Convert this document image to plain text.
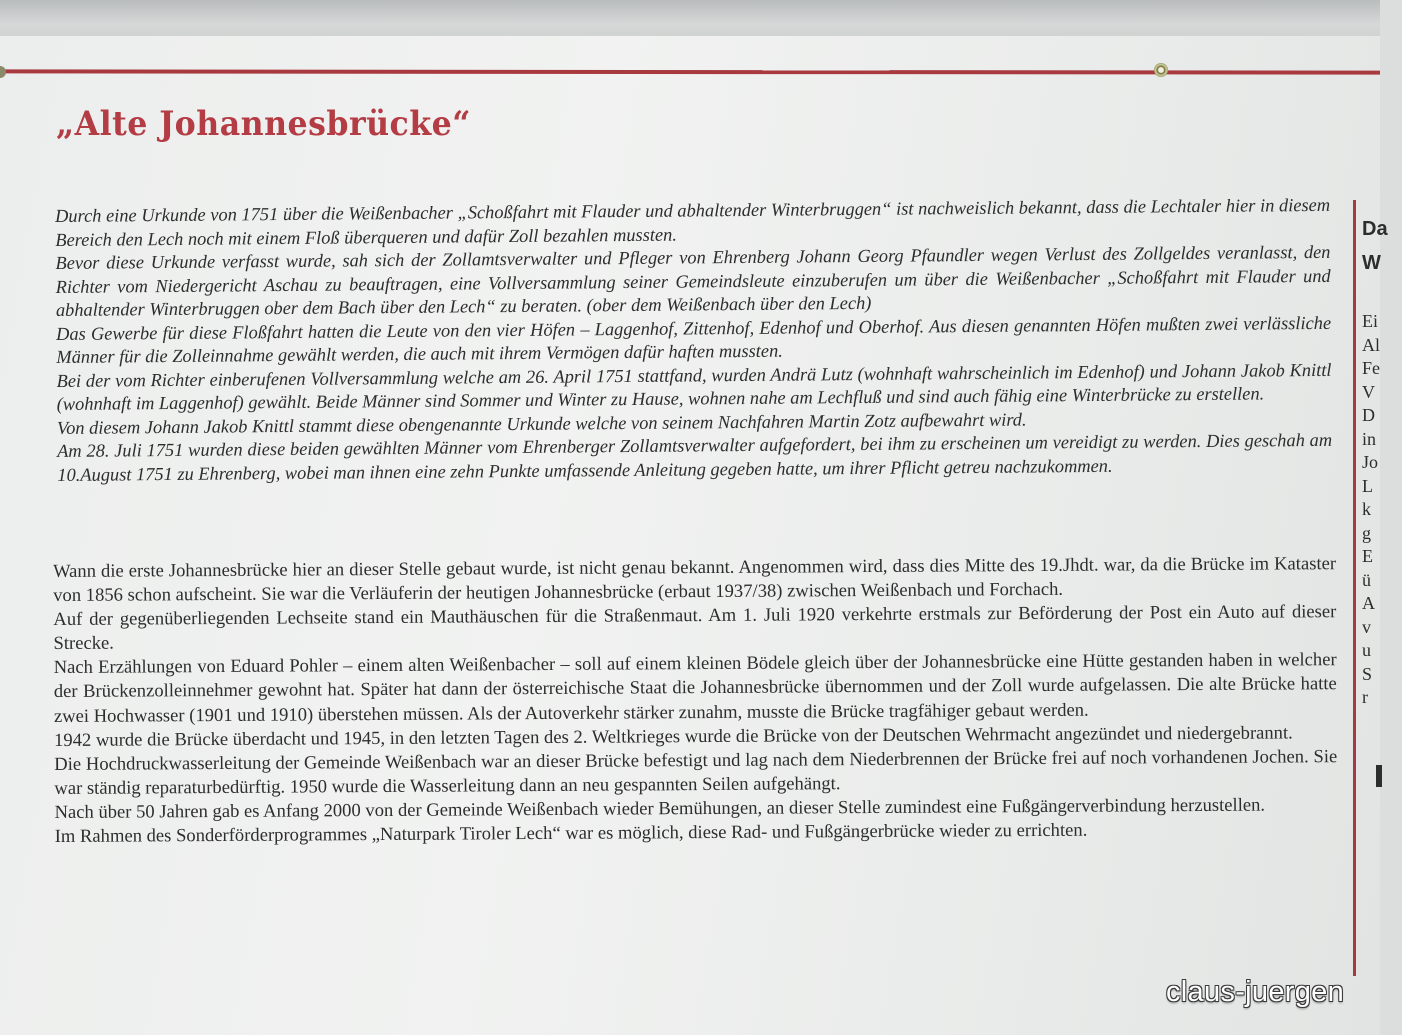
„Alte Johannesbrücke“

Durch eine Urkunde von 1751 über die Weißenbacher „Schoßfahrt mit Flauder und abhaltender Winterbruggen“ ist nachweislich bekannt, dass die Lechtaler hier in diesem Bereich den Lech noch mit einem Floß überqueren und dafür Zoll bezahlen mussten.

Bevor diese Urkunde verfasst wurde, sah sich der Zollamtsverwalter und Pfleger von Ehrenberg Johann Georg Pfaundler wegen Verlust des Zollgeldes veranlasst, den Richter vom Niedergericht Aschau zu beauftragen, eine Vollversammlung seiner Gemeindsleute einzuberufen um über die Weißenbacher „Schoßfahrt mit Flauder und abhaltender Winterbruggen ober dem Bach über den Lech“ zu beraten. (ober dem Weißenbach über den Lech)

Das Gewerbe für diese Floßfahrt hatten die Leute von den vier Höfen – Laggenhof, Zittenhof, Edenhof und Oberhof. Aus diesen genannten Höfen mußten zwei verlässliche Männer für die Zolleinnahme gewählt werden, die auch mit ihrem Vermögen dafür haften mussten.

Bei der vom Richter einberufenen Vollversammlung welche am 26. April 1751 stattfand, wurden Andrä Lutz (wohnhaft wahrscheinlich im Edenhof) und Johann Jakob Knittl (wohnhaft im Laggenhof) gewählt. Beide Männer sind Sommer und Winter zu Hause, wohnen nahe am Lechfluß und sind auch fähig eine Winterbrücke zu erstellen.

Von diesem Johann Jakob Knittl stammt diese obengenannte Urkunde welche von seinem Nachfahren Martin Zotz aufbewahrt wird.

Am 28. Juli 1751 wurden diese beiden gewählten Männer vom Ehrenberger Zollamtsverwalter aufgefordert, bei ihm zu erscheinen um vereidigt zu werden. Dies geschah am 10.August 1751 zu Ehrenberg, wobei man ihnen eine zehn Punkte umfassende Anleitung gegeben hatte, um ihrer Pflicht getreu nachzukommen.

Wann die erste Johannesbrücke hier an dieser Stelle gebaut wurde, ist nicht genau bekannt. Angenommen wird, dass dies Mitte des 19.Jhdt. war, da die Brücke im Kataster von 1856 schon aufscheint. Sie war die Verläuferin der heutigen Johannesbrücke (erbaut 1937/38) zwischen Weißenbach und Forchach.

Auf der gegenüberliegenden Lechseite stand ein Mauthäuschen für die Straßenmaut. Am 1. Juli 1920 verkehrte erstmals zur Beförderung der Post ein Auto auf dieser Strecke.

Nach Erzählungen von Eduard Pohler – einem alten Weißenbacher – soll auf einem kleinen Bödele gleich über der Johannesbrücke eine Hütte gestanden haben in welcher der Brückenzolleinnehmer gewohnt hat. Später hat dann der österreichische Staat die Johannesbrücke übernommen und der Zoll wurde aufgelassen. Die alte Brücke hatte zwei Hochwasser (1901 und 1910) überstehen müssen. Als der Autoverkehr stärker zunahm, musste die Brücke tragfähiger gebaut werden.

1942 wurde die Brücke überdacht und 1945, in den letzten Tagen des 2. Weltkrieges wurde die Brücke von der Deutschen Wehrmacht angezündet und niedergebrannt.

Die Hochdruckwasserleitung der Gemeinde Weißenbach war an dieser Brücke befestigt und lag nach dem Niederbrennen der Brücke frei auf noch vorhandenen Jochen. Sie war ständig reparaturbedürftig. 1950 wurde die Wasserleitung dann an neu gespannten Seilen aufgehängt.

Nach über 50 Jahren gab es Anfang 2000 von der Gemeinde Weißenbach wieder Bemühungen, an dieser Stelle zumindest eine Fußgängerverbindung herzustellen.

Im Rahmen des Sonderförderprogrammes „Naturpark Tiroler Lech“ war es möglich, diese Rad- und Fußgängerbrücke wieder zu errichten.

Da
W
Ei
Al
Fe
V
D
in
Jo
L
k
g
E
ü
A
v
u
S
r
claus-juergen
